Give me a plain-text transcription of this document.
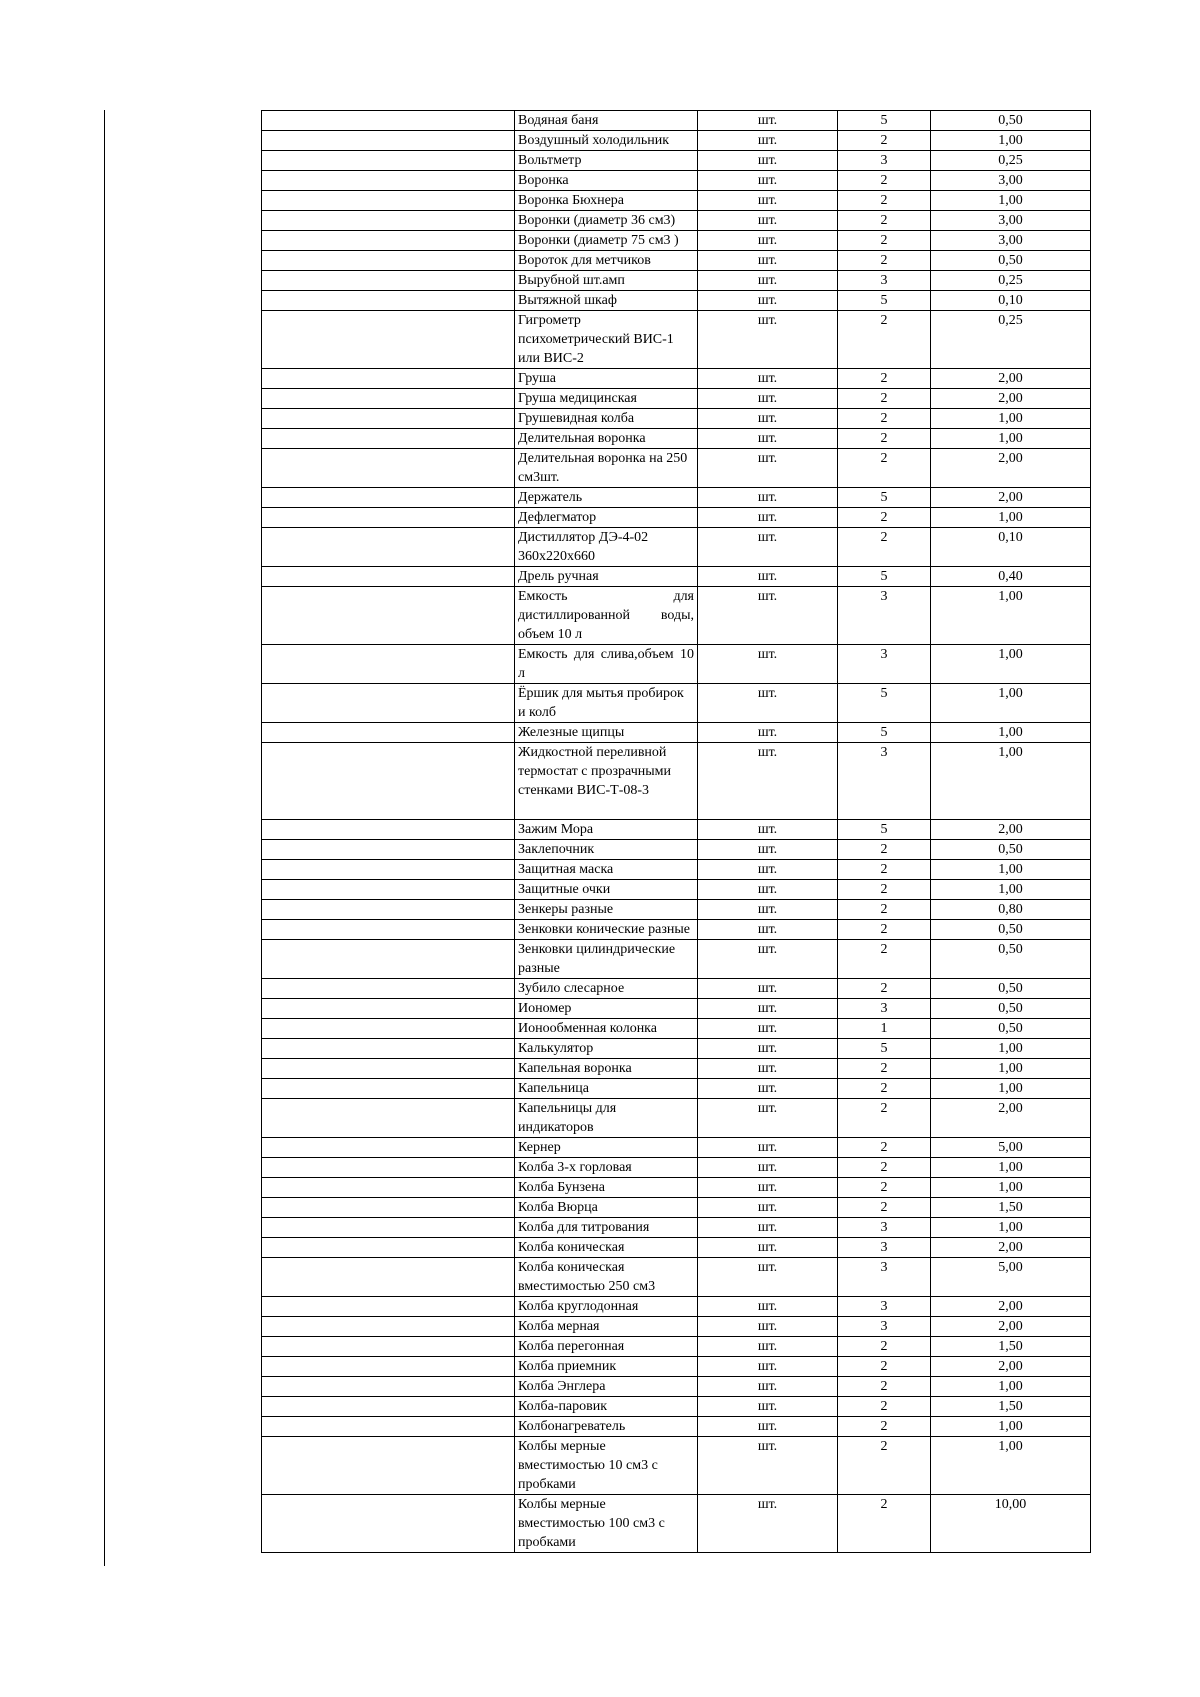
	Водяная баня	шт.	5	0,50
	Воздушный холодильник	шт.	2	1,00
	Вольтметр	шт.	3	0,25
	Воронка	шт.	2	3,00
	Воронка Бюхнера	шт.	2	1,00
	Воронки (диаметр 36 см3)	шт.	2	3,00
	Воронки (диаметр 75 см3 )	шт.	2	3,00
	Вороток для метчиков	шт.	2	0,50
	Вырубной шт.амп	шт.	3	0,25
	Вытяжной шкаф	шт.	5	0,10
	Гигрометр психометрический ВИС-1 или ВИС-2	шт.	2	0,25
	Груша	шт.	2	2,00
	Груша медицинская	шт.	2	2,00
	Грушевидная колба	шт.	2	1,00
	Делительная воронка	шт.	2	1,00
	Делительная воронка на 250 см3шт.	шт.	2	2,00
	Держатель	шт.	5	2,00
	Дефлегматор	шт.	2	1,00
	Дистиллятор ДЭ-4-02 360х220х660	шт.	2	0,10
	Дрель ручная	шт.	5	0,40
	Емкость для дистиллированной воды, объем 10 л	шт.	3	1,00
	Емкость для слива,объем 10 л	шт.	3	1,00
	Ёршик для мытья пробирок и колб	шт.	5	1,00
	Железные щипцы	шт.	5	1,00
	Жидкостной переливной термостат с прозрачными стенками ВИС-Т-08-3	шт.	3	1,00
	Зажим Мора	шт.	5	2,00
	Заклепочник	шт.	2	0,50
	Защитная маска	шт.	2	1,00
	Защитные очки	шт.	2	1,00
	Зенкеры разные	шт.	2	0,80
	Зенковки конические разные	шт.	2	0,50
	Зенковки цилиндрические разные	шт.	2	0,50
	Зубило слесарное	шт.	2	0,50
	Иономер	шт.	3	0,50
	Ионообменная колонка	шт.	1	0,50
	Калькулятор	шт.	5	1,00
	Капельная воронка	шт.	2	1,00
	Капельница	шт.	2	1,00
	Капельницы для индикаторов	шт.	2	2,00
	Кернер	шт.	2	5,00
	Колба 3-х горловая	шт.	2	1,00
	Колба Бунзена	шт.	2	1,00
	Колба Вюрца	шт.	2	1,50
	Колба для титрования	шт.	3	1,00
	Колба коническая	шт.	3	2,00
	Колба коническая вместимостью 250 см3	шт.	3	5,00
	Колба круглодонная	шт.	3	2,00
	Колба мерная	шт.	3	2,00
	Колба перегонная	шт.	2	1,50
	Колба приемник	шт.	2	2,00
	Колба Энглера	шт.	2	1,00
	Колба-паровик	шт.	2	1,50
	Колбонагреватель	шт.	2	1,00
	Колбы мерные вместимостью 10 см3 с пробками	шт.	2	1,00
	Колбы мерные вместимостью 100 см3 с пробками	шт.	2	10,00
